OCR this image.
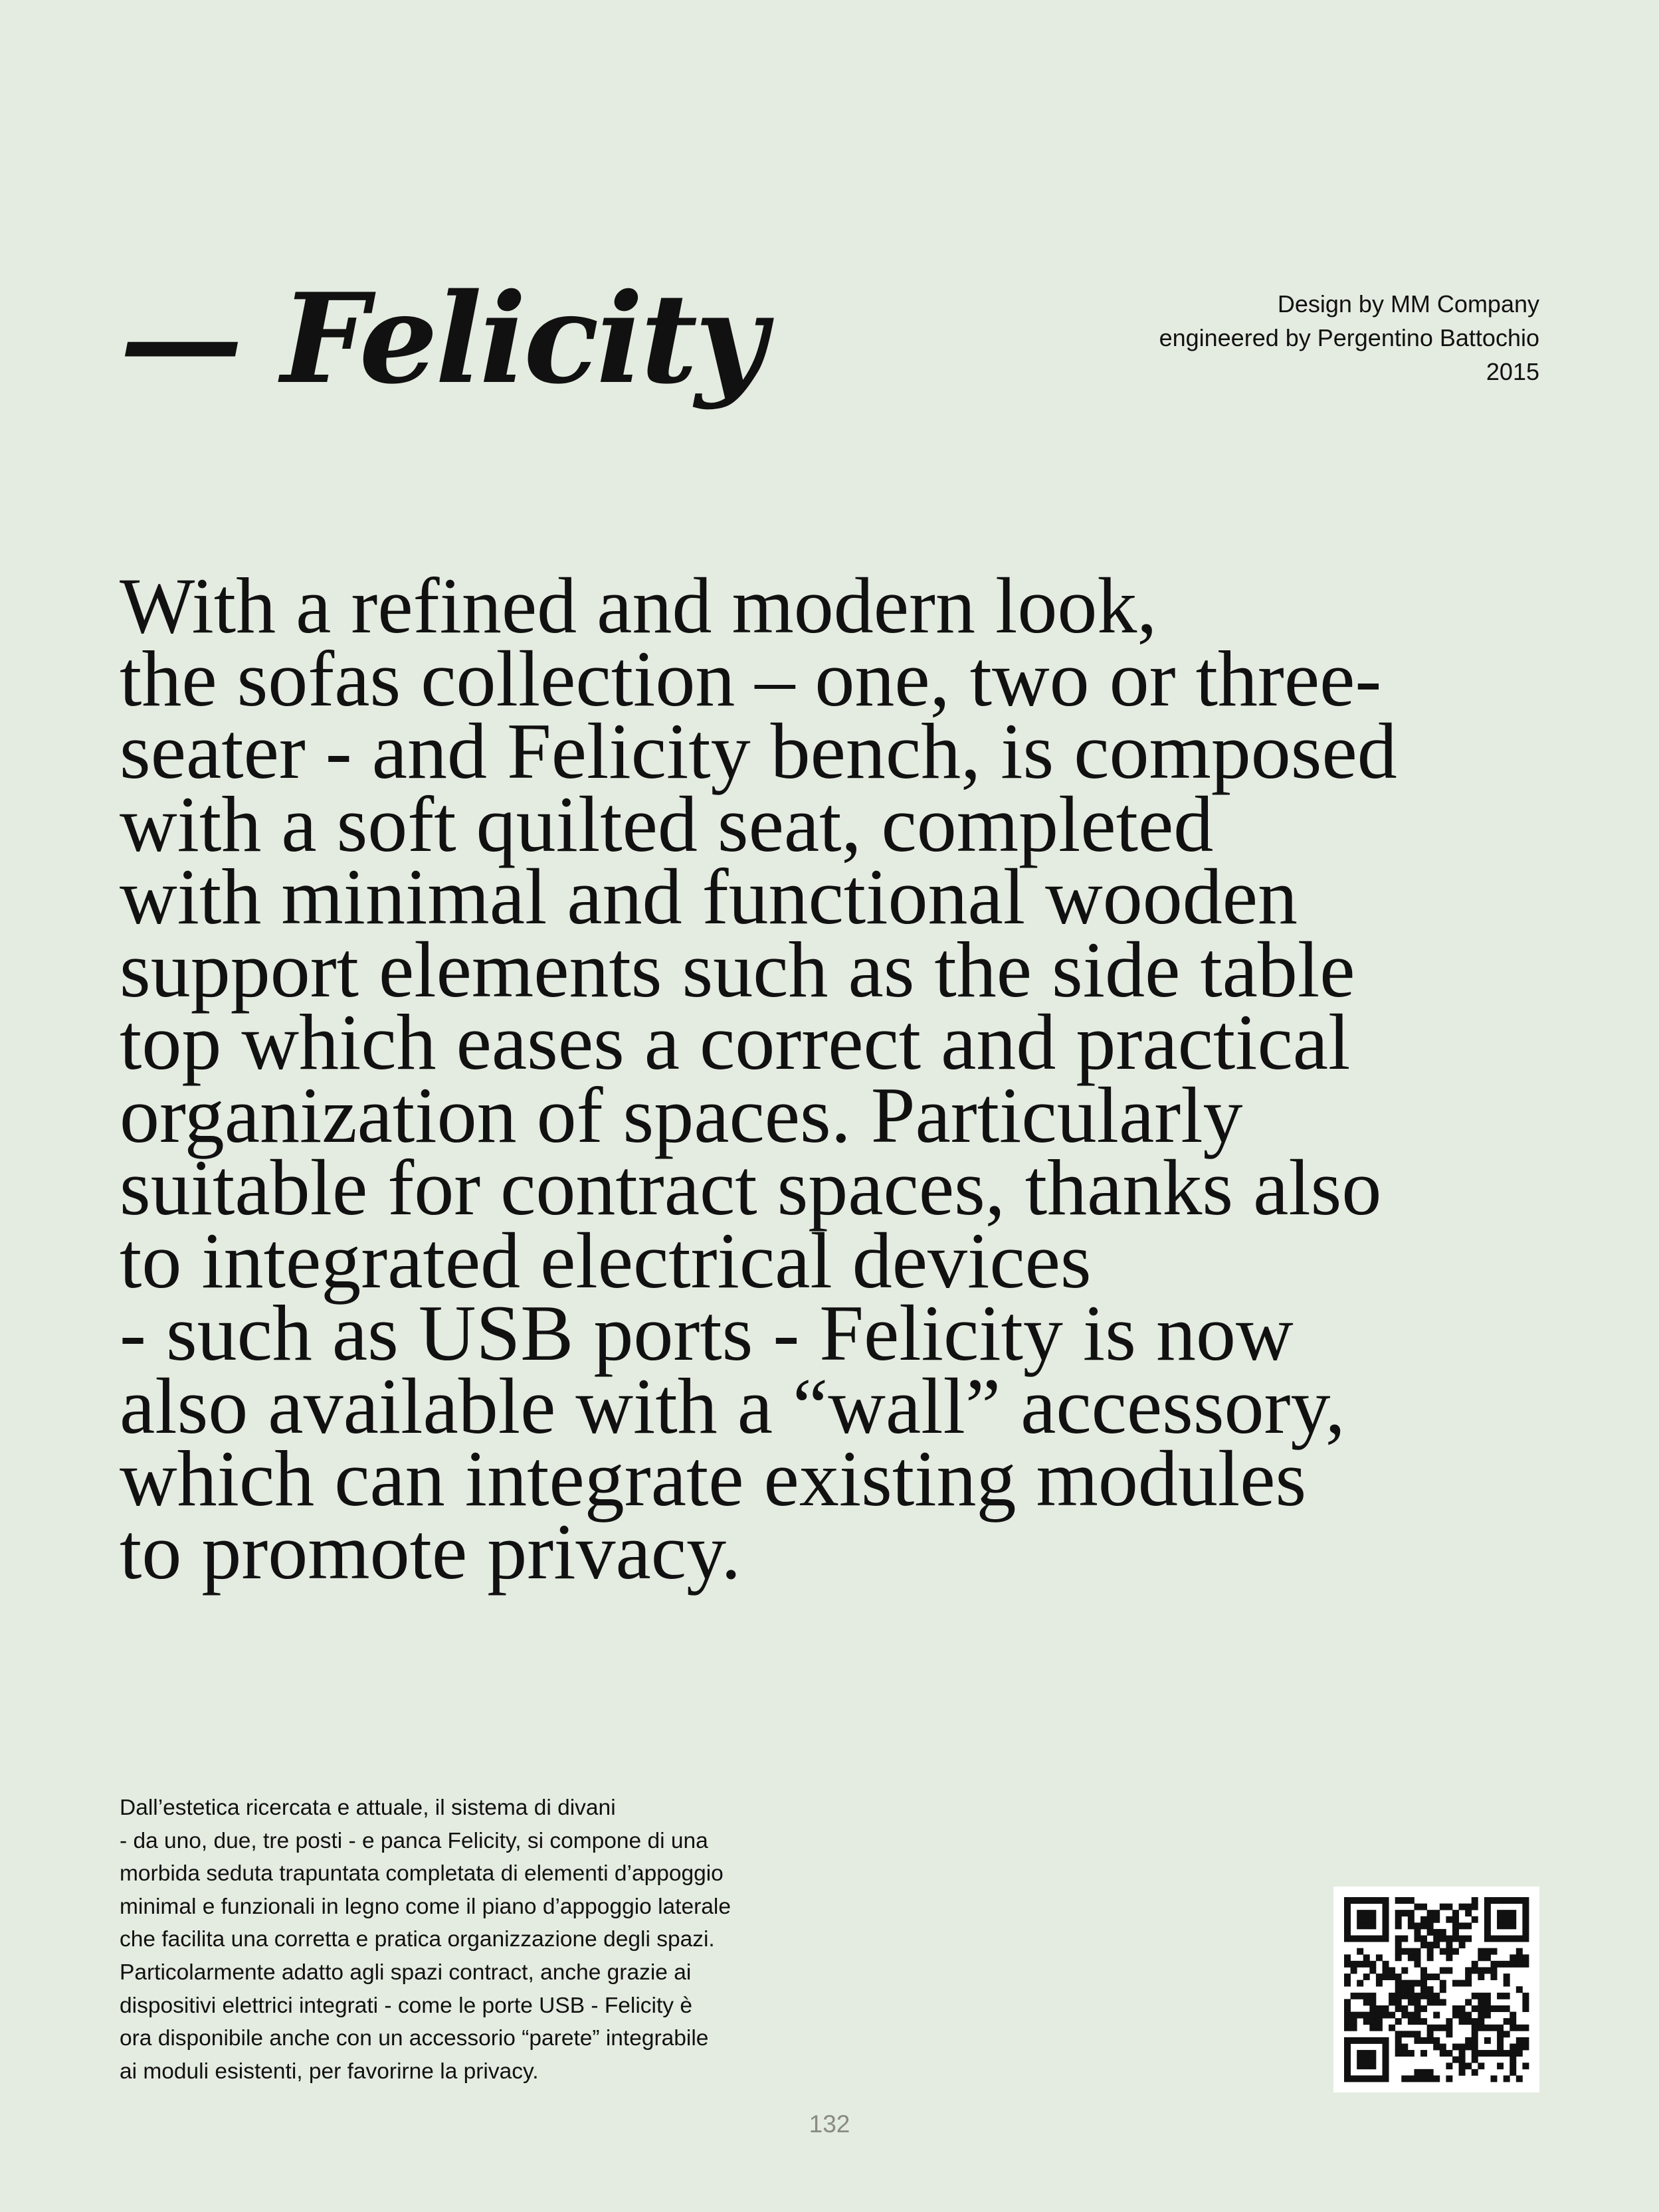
— Felicity	Design by MM Company
engineered by Pergentino Battochio
2015
With a refined and modern look,
the sofas collection – one, two or three-
seater - and Felicity bench, is composed
with a soft quilted seat, completed
with minimal and functional wooden
support elements such as the side table
top which eases a correct and practical
organization of spaces. Particularly
suitable for contract spaces, thanks also
to integrated electrical devices
- such as USB ports - Felicity is now
also available with a “wall” accessory,
which can integrate existing modules
to promote privacy.
Dall’estetica ricercata e attuale, il sistema di divani
- da uno, due, tre posti - e panca Felicity, si compone di una
morbida seduta trapuntata completata di elementi d’appoggio
minimal e funzionali in legno come il piano d’appoggio laterale
che facilita una corretta e pratica organizzazione degli spazi.
Particolarmente adatto agli spazi contract, anche grazie ai
dispositivi elettrici integrati - come le porte USB - Felicity è
ora disponibile anche con un accessorio “parete” integrabile
ai moduli esistenti, per favorirne la privacy.
132
